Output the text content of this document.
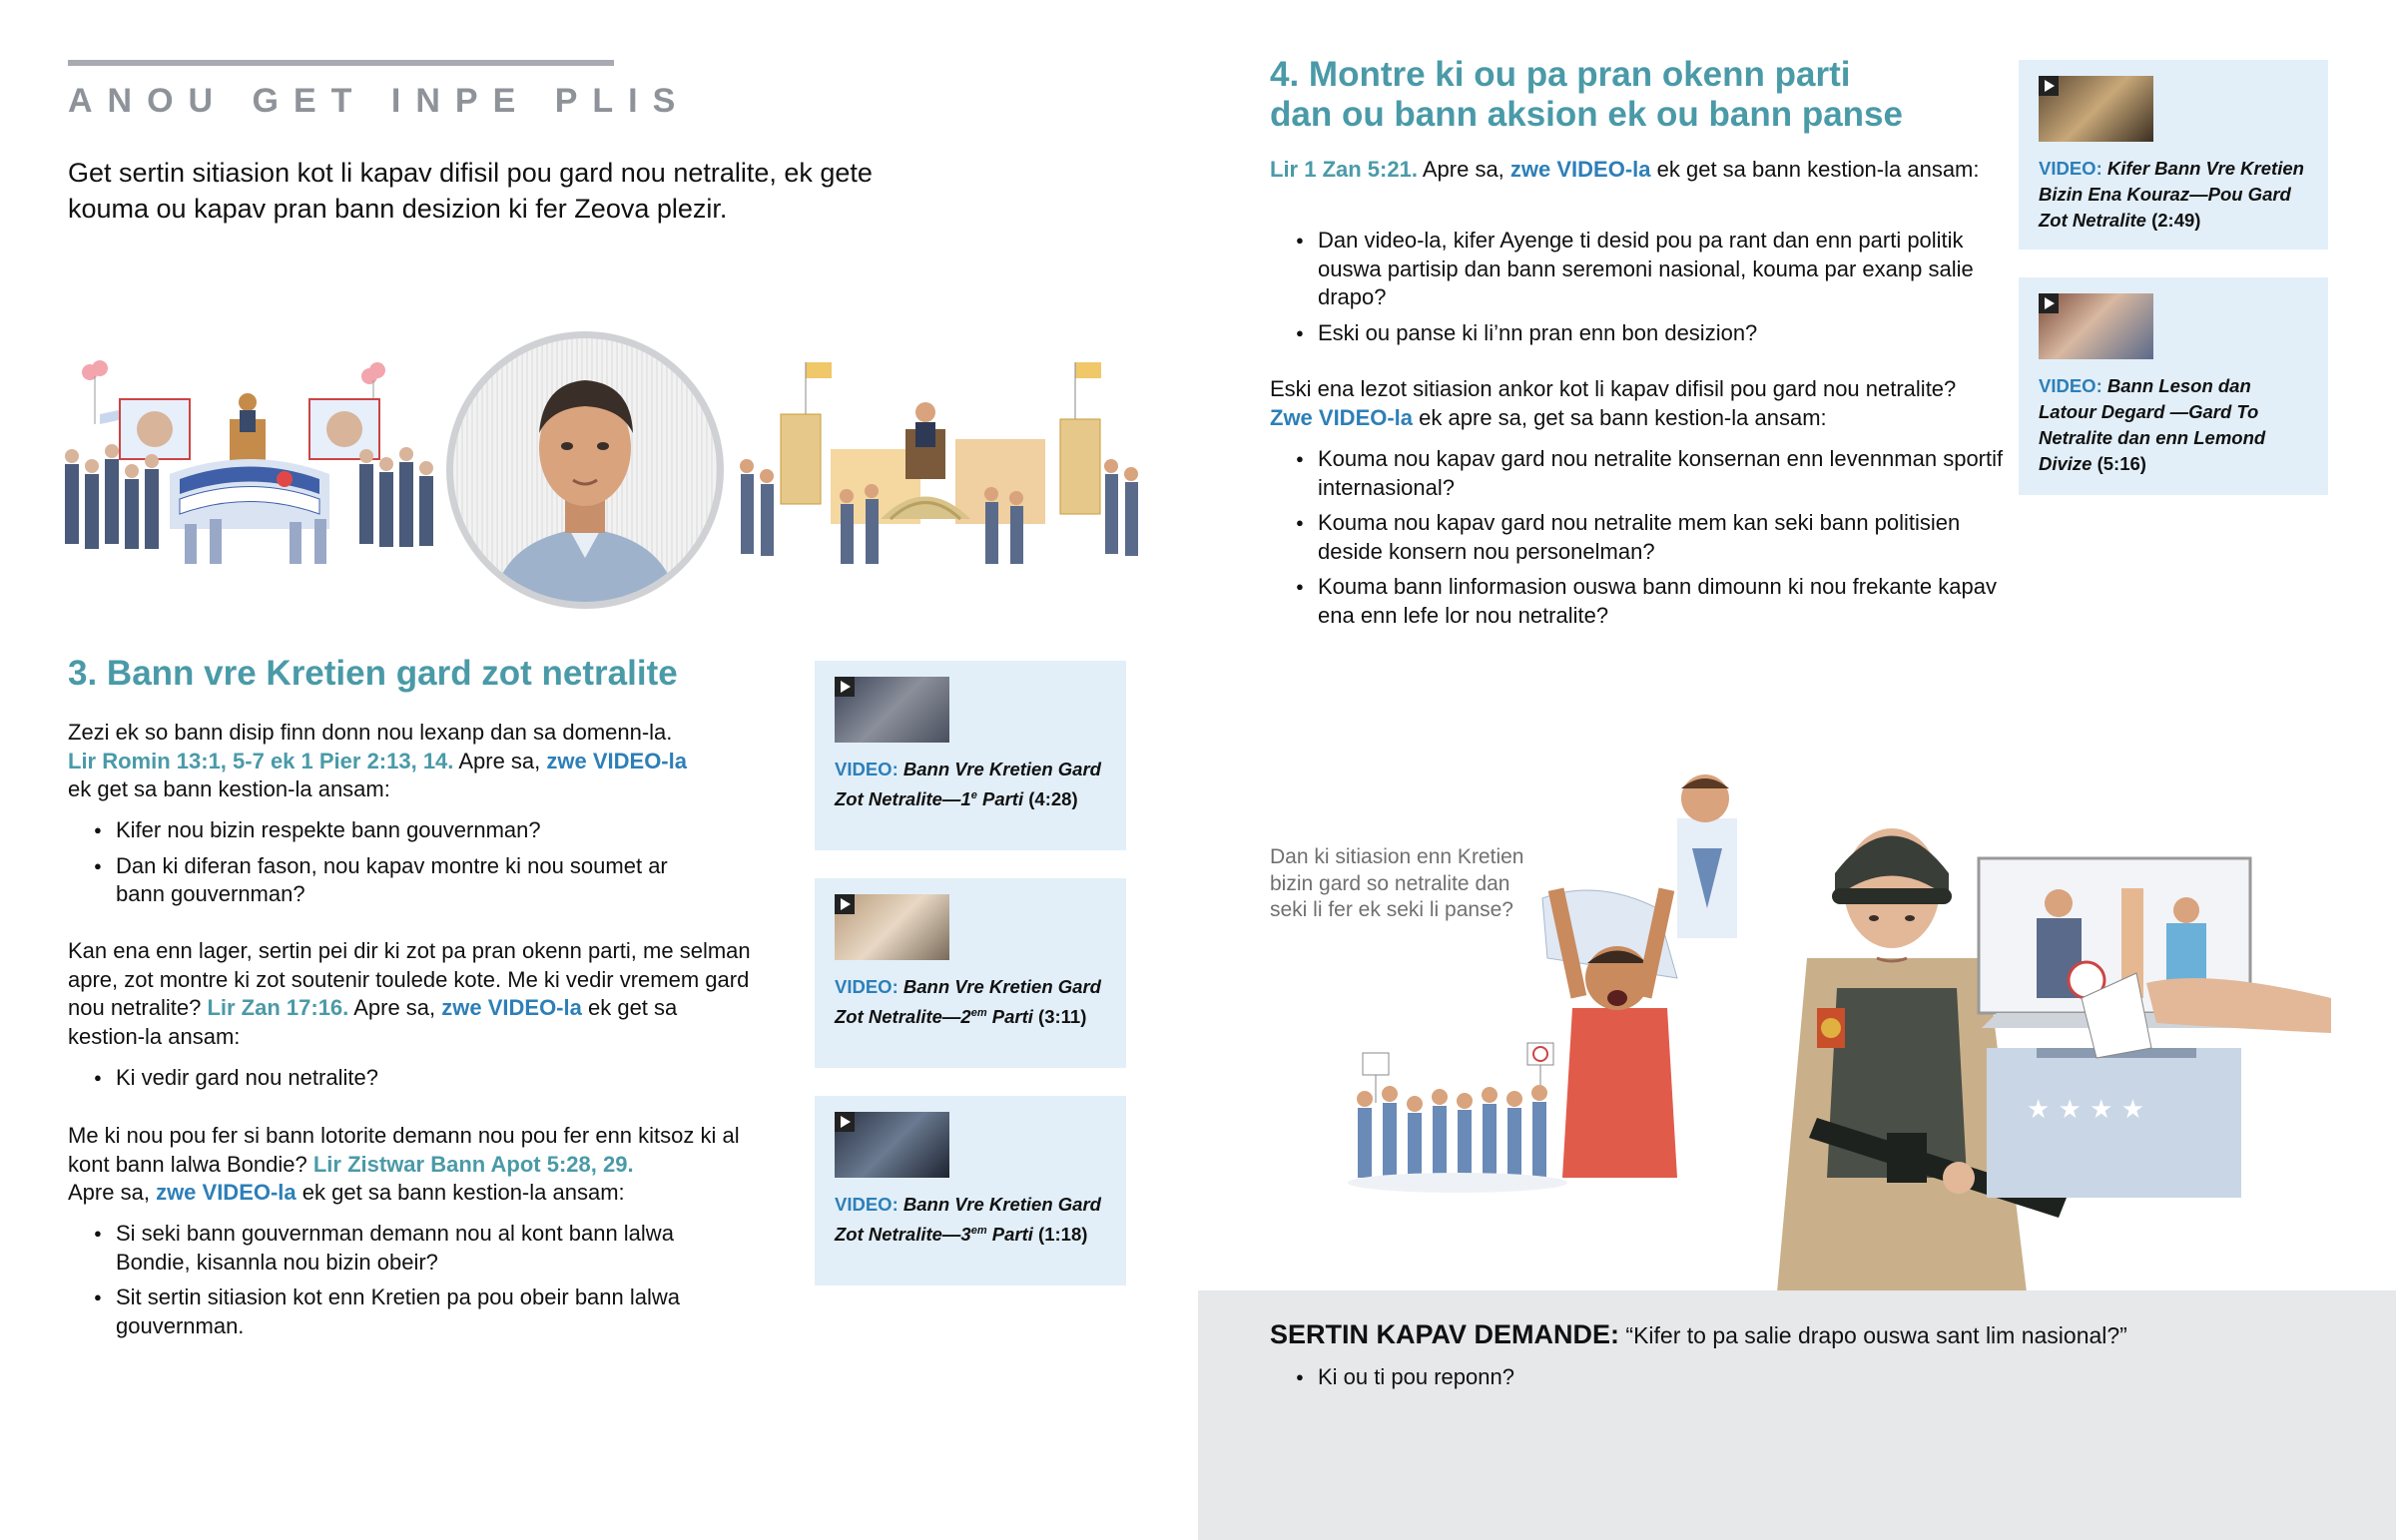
ANOU GET INPE PLIS
Get sertin sitiasion kot li kapav difisil pou gard nou netralite, ek gete kouma ou kapav pran bann desizion ki fer Zeova plezir.
3. Bann vre Kretien gard zot netralite
Zezi ek so bann disip finn donn nou lexanp dan sa domenn-la.
Lir Romin 13:1, 5-7 ek 1 Pier 2:13, 14. Apre sa, zwe VIDEO-la
ek get sa bann kestion-la ansam:
● Kifer nou bizin respekte bann gouvernman?
● Dan ki diferan fason, nou kapav montre ki nou soumet ar bann gouvernman?
Kan ena enn lager, sertin pei dir ki zot pa pran okenn parti, me selman apre, zot montre ki zot soutenir touledе kote. Me ki vedir vremem gard nou netralite? Lir Zan 17:16. Apre sa, zwe VIDEO-la ek get sa kestion-la ansam:
● Ki vedir gard nou netralite?
Me ki nou pou fer si bann lotorite demann nou pou fer enn kitsoz ki al kont bann lalwa Bondie? Lir Zistwar Bann Apot 5:28, 29.
Apre sa, zwe VIDEO-la ek get sa bann kestion-la ansam:
● Si seki bann gouvernman demann nou al kont bann lalwa Bondie, kisannla nou bizin obeir?
● Sit sertin sitiasion kot enn Kretien pa pou obeir bann lalwa gouvernman.
VIDEO: Bann Vre Kretien Gard Zot Netralite—1e Parti (4:28)
VIDEO: Bann Vre Kretien Gard Zot $Netralite—2^{em}$ Parti (3:11)
VIDEO: Bann Vre Kretien Gard Zot $Netralite—3^{em}$ Parti (1:18)
4. Montre ki ou pa pran okenn parti
dan ou bann aksion ek ou bann panse
Lir 1 Zan 5:21. Apre sa, zwe VIDEO-la ek get sa bann kestion-la ansam:
● Dan video-la, kifer Ayenge ti desid pou pa rant dan enn parti politik ouswa partisip dan bann seremoni nasional, kouma par exanp salie drapo?
● Eski ou panse ki li’nn pran enn bon desizion?
Eski ena lezot sitiasion ankor kot li kapav difisil pou gard nou netralite? Zwe VIDEO-la ek apre sa, get sa bann kestion-la ansam:
● Kouma nou kapav gard nou netralite konsernan enn levennman sportif internasional?
● Kouma nou kapav gard nou netralite mem kan seki bann politisien deside konsern nou personelman?
● Kouma bann linformasion ouswa bann dimounn ki nou frekante kapav ena enn lefe lor nou netralite?
VIDEO: Kifer Bann Vre Kretien Bizin Ena Kouraz—Pou Gard Zot Netralite (2:49)
VIDEO: Bann Leson dan Latour Degard —Gard To Netralite dan enn Lemond Divize (5:16)
★ ★ ★ ★
Dan ki sitiasion enn Kretien bizin gard so netralite dan seki li fer ek seki li panse?
SERTIN KAPAV DEMANDE: “Kifer to pa salie drapo ouswa sant lim nasional?”
● Ki ou ti pou reponn?
